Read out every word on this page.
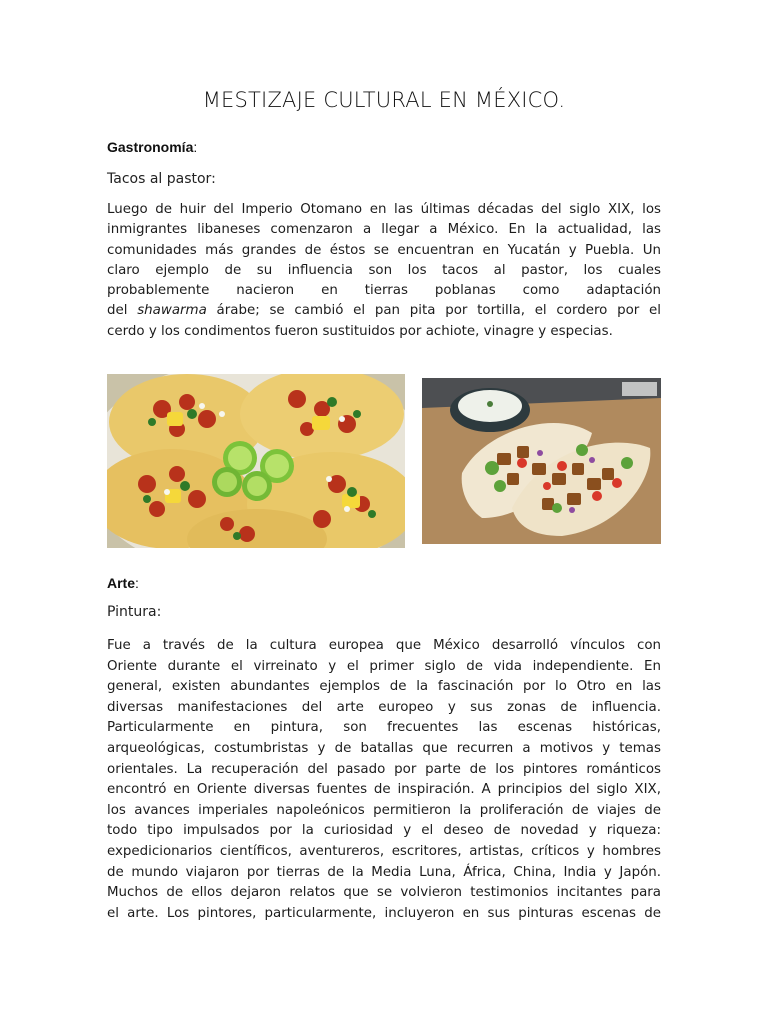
MESTIZAJE CULTURAL EN MÉXICO.

Gastronomía:

Tacos al pastor:

Luego de huir del Imperio Otomano en las últimas décadas del siglo XIX, los
inmigrantes libaneses comenzaron a llegar a México. En la actualidad, las
comunidades más grandes de éstos se encuentran en Yucatán y Puebla. Un
claro ejemplo de su influencia son los tacos al pastor, los cuales
probablemente nacieron en tierras poblanas como adaptación
del shawarma árabe; se cambió el pan pita por tortilla, el cordero por el
cerdo y los condimentos fueron sustituidos por achiote, vinagre y especias.

Arte:

Pintura:

Fue a través de la cultura europea que México desarrolló vínculos con
Oriente durante el virreinato y el primer siglo de vida independiente. En
general, existen abundantes ejemplos de la fascinación por lo Otro en las
diversas manifestaciones del arte europeo y sus zonas de influencia.
Particularmente en pintura, son frecuentes las escenas históricas,
arqueológicas, costumbristas y de batallas que recurren a motivos y temas
orientales. La recuperación del pasado por parte de los pintores románticos
encontró en Oriente diversas fuentes de inspiración. A principios del siglo XIX,
los avances imperiales napoleónicos permitieron la proliferación de viajes de
todo tipo impulsados por la curiosidad y el deseo de novedad y riqueza:
expedicionarios científicos, aventureros, escritores, artistas, críticos y hombres
de mundo viajaron por tierras de la Media Luna, África, China, India y Japón.
Muchos de ellos dejaron relatos que se volvieron testimonios incitantes para
el arte. Los pintores, particularmente, incluyeron en sus pinturas escenas de
